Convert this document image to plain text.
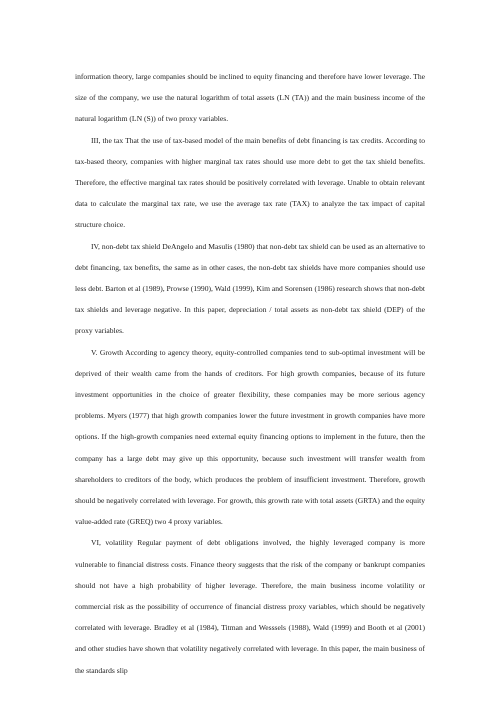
information theory, large companies should be inclined to equity financing and therefore have lower leverage. The size of the company, we use the natural logarithm of total assets (LN (TA)) and the main business income of the natural logarithm (LN (S)) of two proxy variables.

III, the tax That the use of tax-based model of the main benefits of debt financing is tax credits. According to tax-based theory, companies with higher marginal tax rates should use more debt to get the tax shield benefits. Therefore, the effective marginal tax rates should be positively correlated with leverage. Unable to obtain relevant data to calculate the marginal tax rate, we use the average tax rate (TAX) to analyze the tax impact of capital structure choice.

IV, non-debt tax shield DeAngelo and Masulis (1980) that non-debt tax shield can be used as an alternative to debt financing, tax benefits, the same as in other cases, the non-debt tax shields have more companies should use less debt. Barton et al (1989), Prowse (1990), Wald (1999), Kim and Sorensen (1986) research shows that non-debt tax shields and leverage negative. In this paper, depreciation / total assets as non-debt tax shield (DEP) of the proxy variables.

V. Growth According to agency theory, equity-controlled companies tend to sub-optimal investment will be deprived of their wealth came from the hands of creditors. For high growth companies, because of its future investment opportunities in the choice of greater flexibility, these companies may be more serious agency problems. Myers (1977) that high growth companies lower the future investment in growth companies have more options. If the high-growth companies need external equity financing options to implement in the future, then the company has a large debt may give up this opportunity, because such investment will transfer wealth from shareholders to creditors of the body, which produces the problem of insufficient investment. Therefore, growth should be negatively correlated with leverage. For growth, this growth rate with total assets (GRTA) and the equity value-added rate (GREQ) two 4 proxy variables.

VI, volatility Regular payment of debt obligations involved, the highly leveraged company is more vulnerable to financial distress costs. Finance theory suggests that the risk of the company or bankrupt companies should not have a high probability of higher leverage. Therefore, the main business income volatility or commercial risk as the possibility of occurrence of financial distress proxy variables, which should be negatively correlated with leverage. Bradley et al (1984), Titman and Wesssels (1988), Wald (1999) and Booth et al (2001) and other studies have shown that volatility negatively correlated with leverage. In this paper, the main business of the standards slip
